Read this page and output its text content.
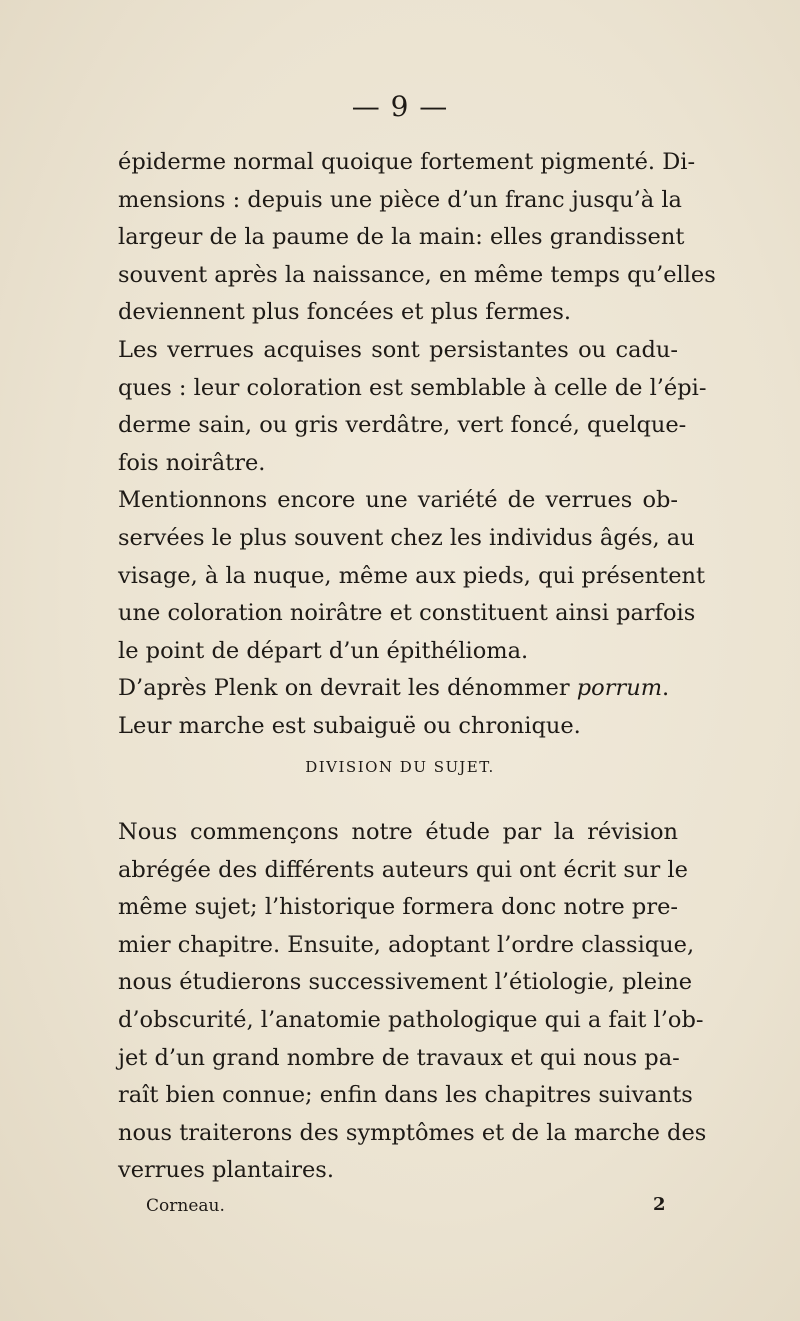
— 9 —
épiderme normal quoique fortement pigmenté. Di-
mensions : depuis une pièce d’un franc jusqu’à la
largeur de la paume de la main: elles grandissent
souvent après la naissance, en même temps qu’elles
deviennent plus foncées et plus fermes.
Les verrues acquises sont persistantes ou cadu-
ques : leur coloration est semblable à celle de l’épi-
derme sain, ou gris verdâtre, vert foncé, quelque-
fois noirâtre.
Mentionnons encore une variété de verrues ob-
servées le plus souvent chez les individus âgés, au
visage, à la nuque, même aux pieds, qui présentent
une coloration noirâtre et constituent ainsi parfois
le point de départ d’un épithélioma.
D’après Plenk on devrait les dénommer porrum.
Leur marche est subaiguë ou chronique.
DIVISION DU SUJET.
Nous commençons notre étude par la révision
abrégée des différents auteurs qui ont écrit sur le
même sujet; l’historique formera donc notre pre-
mier chapitre. Ensuite, adoptant l’ordre classique,
nous étudierons successivement l’étiologie, pleine
d’obscurité, l’anatomie pathologique qui a fait l’ob-
jet d’un grand nombre de travaux et qui nous pa-
raît bien connue; enfin dans les chapitres suivants
nous traiterons des symptômes et de la marche des
verrues plantaires.
Corneau.	2
